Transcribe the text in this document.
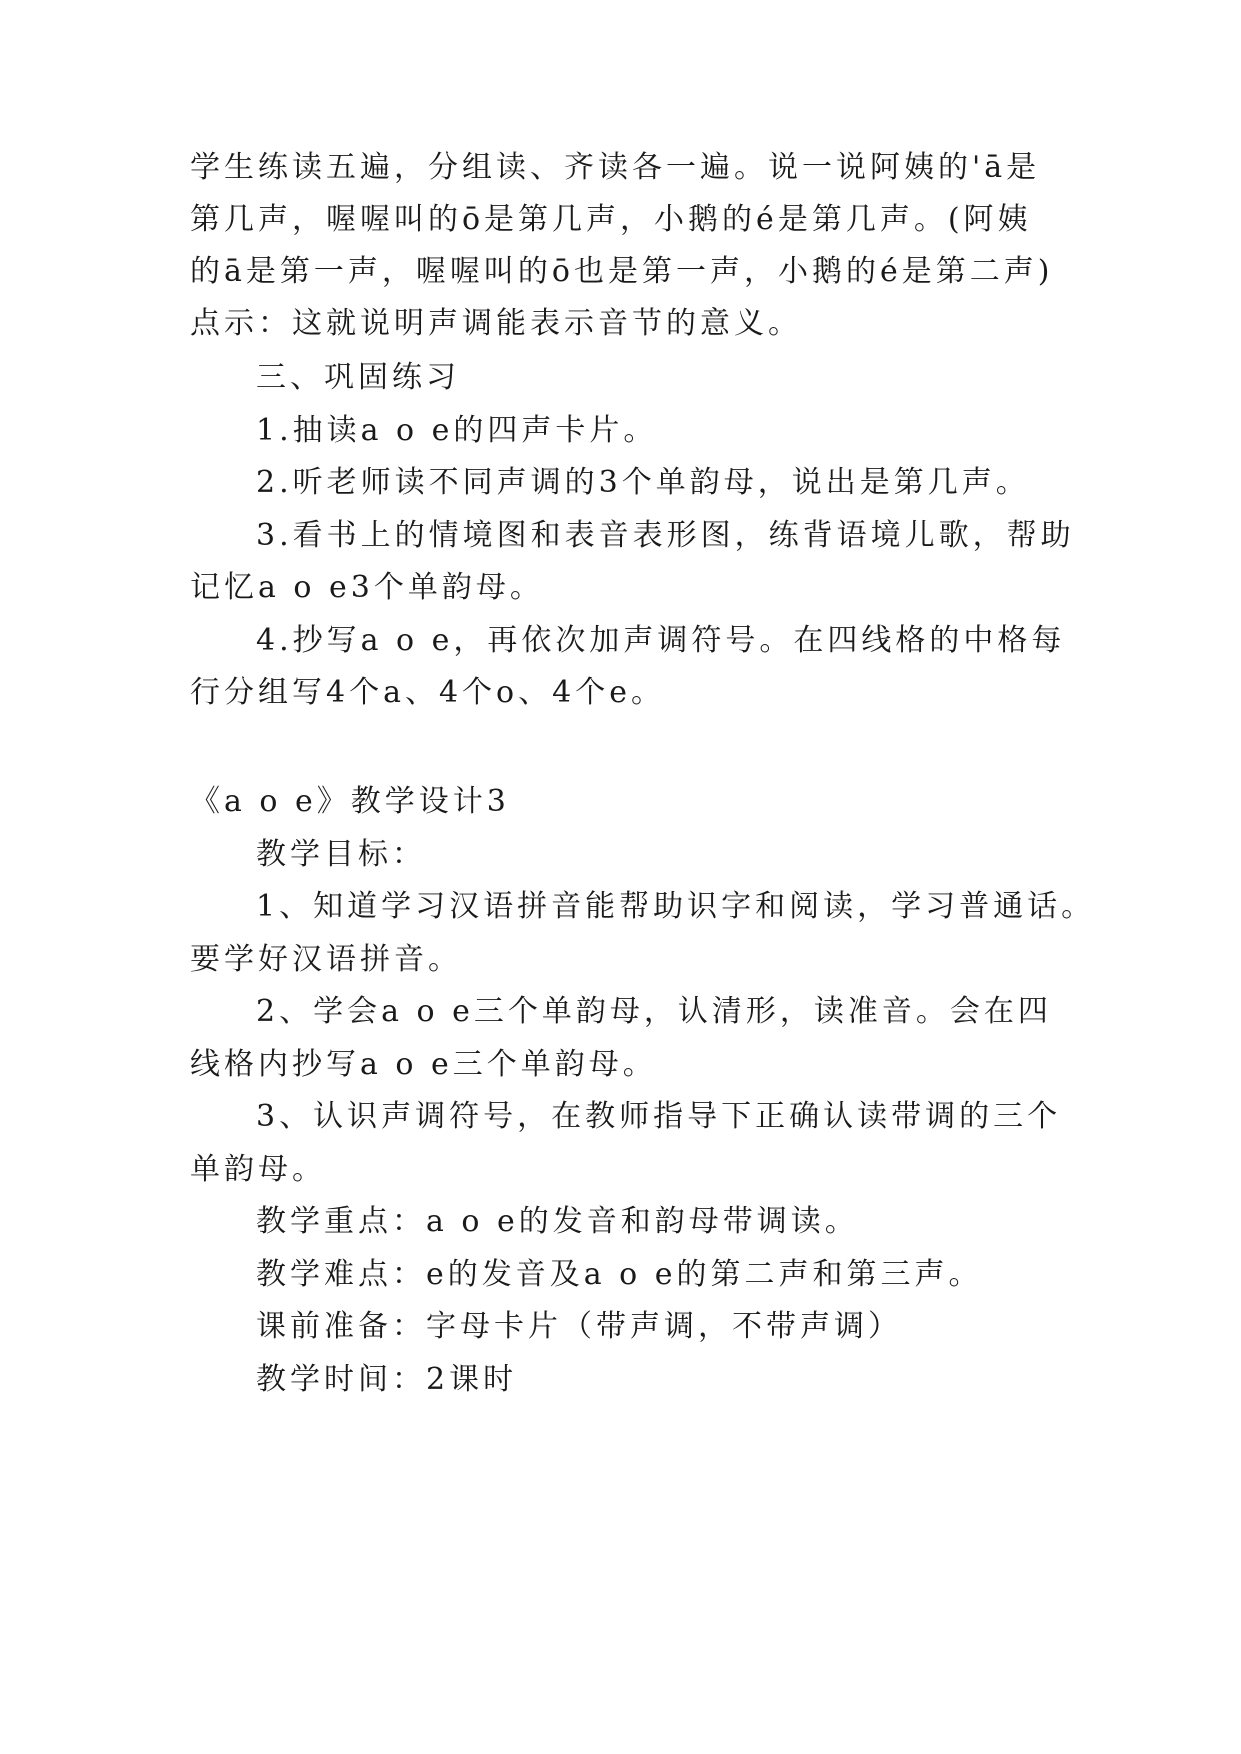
学生练读五遍，分组读、齐读各一遍。说一说阿姨的'ā是
第几声，喔喔叫的ō是第几声，小鹅的é是第几声。(阿姨
的ā是第一声，喔喔叫的ō也是第一声，小鹅的é是第二声)
点示：这就说明声调能表示音节的意义。
三、巩固练习
1.抽读a o e的四声卡片。
2.听老师读不同声调的3个单韵母，说出是第几声。
3.看书上的情境图和表音表形图，练背语境儿歌，帮助
记忆a o e3个单韵母。
4.抄写a o e，再依次加声调符号。在四线格的中格每
行分组写4个a、4个o、4个e。
《a o e》教学设计3
教学目标：
1、知道学习汉语拼音能帮助识字和阅读，学习普通话。
要学好汉语拼音。
2、学会a o e三个单韵母，认清形，读准音。会在四
线格内抄写a o e三个单韵母。
3、认识声调符号，在教师指导下正确认读带调的三个
单韵母。
教学重点：a o e的发音和韵母带调读。
教学难点：e的发音及a o e的第二声和第三声。
课前准备：字母卡片（带声调，不带声调）
教学时间：2课时
